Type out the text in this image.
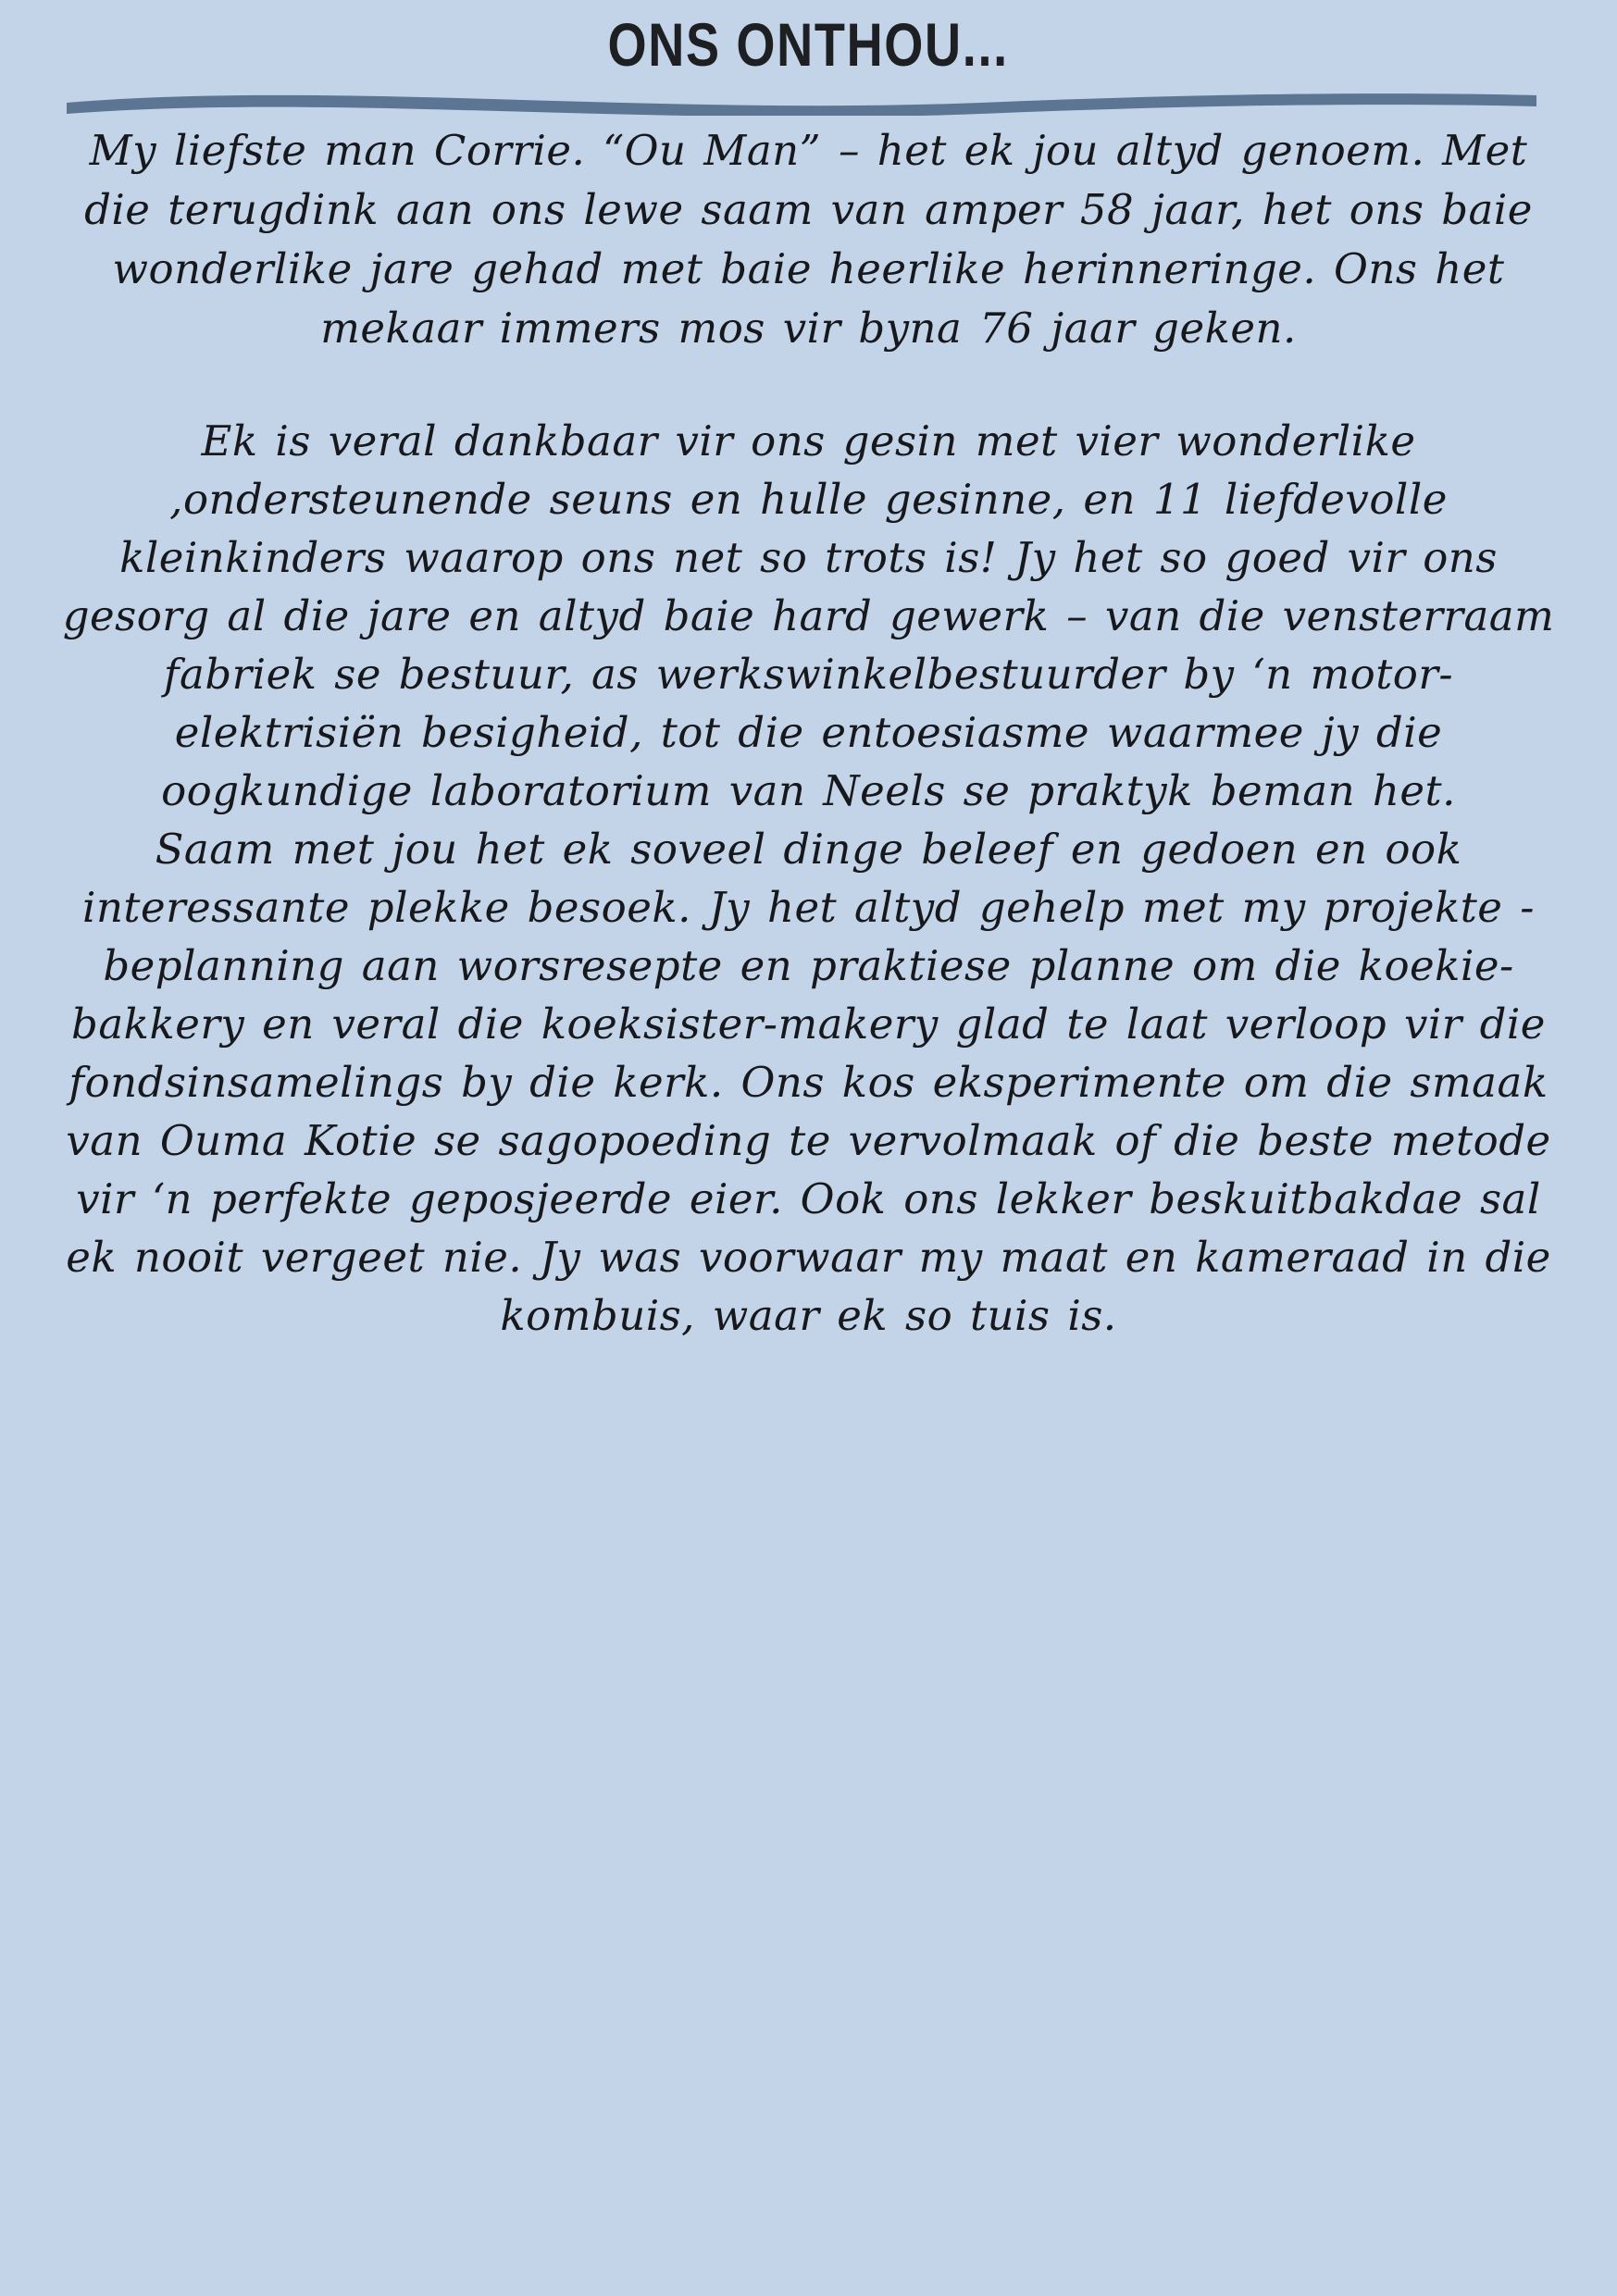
ONS ONTHOU...

My liefste man Corrie. “Ou Man” – het ek jou altyd genoem. Met die terugdink aan ons lewe saam van amper 58 jaar, het ons baie wonderlike jare gehad met baie heerlike herinneringe. Ons het mekaar immers mos vir byna 76 jaar geken.

Ek is veral dankbaar vir ons gesin met vier wonderlike ,ondersteunende seuns en hulle gesinne, en 11 liefdevolle kleinkinders waarop ons net so trots is! Jy het so goed vir ons gesorg al die jare en altyd baie hard gewerk – van die vensterraam fabriek se bestuur, as werkswinkelbestuurder by ‘n motor-elektrisiën besigheid, tot die entoesiasme waarmee jy die oogkundige laboratorium van Neels se praktyk beman het.

Saam met jou het ek soveel dinge beleef en gedoen en ook interessante plekke besoek. Jy het altyd gehelp met my projekte - beplanning aan worsresepte en praktiese planne om die koekie-bakkery en veral die koeksister-makery glad te laat verloop vir die fondsinsamelings by die kerk. Ons kos eksperimente om die smaak van Ouma Kotie se sagopoeding te vervolmaak of die beste metode vir ‘n perfekte geposjeerde eier. Ook ons lekker beskuitbakdae sal ek nooit vergeet nie. Jy was voorwaar my maat en kameraad in die kombuis, waar ek so tuis is.
